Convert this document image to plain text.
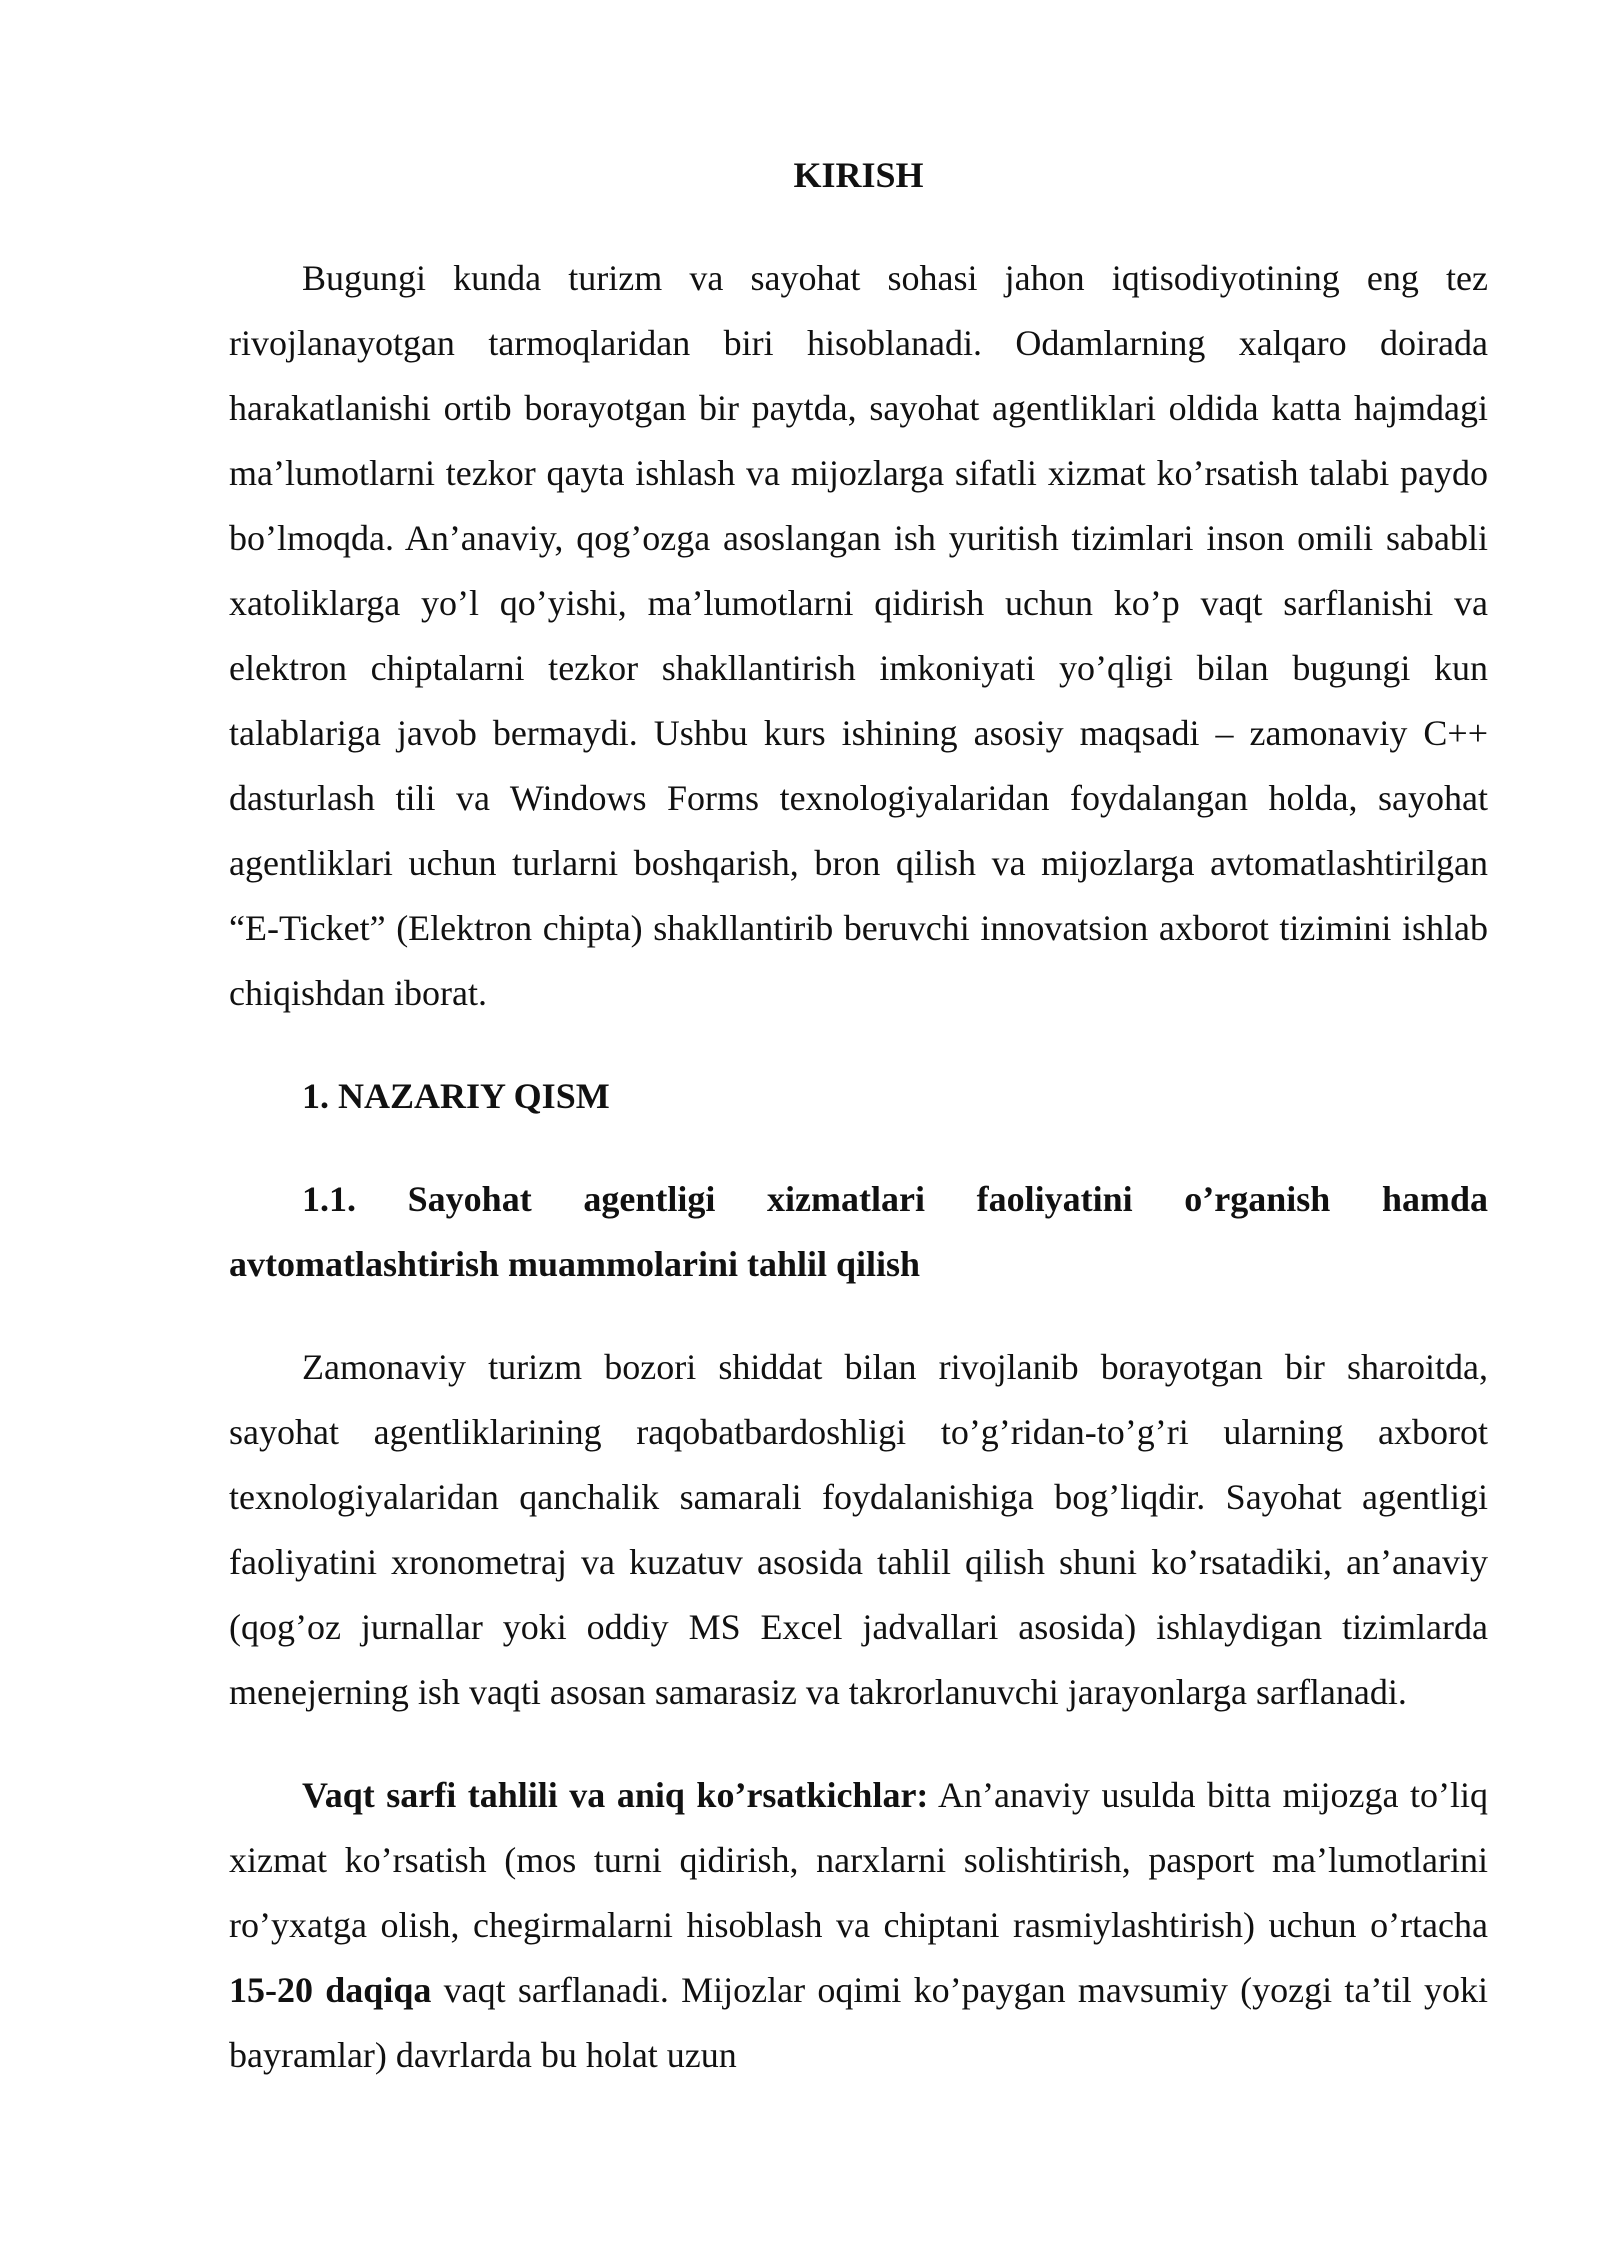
KIRISH

Bugungi kunda turizm va sayohat sohasi jahon iqtisodiyotining eng tez rivojlanayotgan tarmoqlaridan biri hisoblanadi. Odamlarning xalqaro doirada harakatlanishi ortib borayotgan bir paytda, sayohat agentliklari oldida katta hajmdagi ma’lumotlarni tezkor qayta ishlash va mijozlarga sifatli xizmat ko’rsatish talabi paydo bo’lmoqda. An’anaviy, qog’ozga asoslangan ish yuritish tizimlari inson omili sababli xatoliklarga yo’l qo’yishi, ma’lumotlarni qidirish uchun ko’p vaqt sarflanishi va elektron chiptalarni tezkor shakllantirish imkoniyati yo’qligi bilan bugungi kun talablariga javob bermaydi. Ushbu kurs ishining asosiy maqsadi – zamonaviy C++ dasturlash tili va Windows Forms texnologiyalaridan foydalangan holda, sayohat agentliklari uchun turlarni boshqarish, bron qilish va mijozlarga avtomatlashtirilgan “E-Ticket” (Elektron chipta) shakllantirib beruvchi innovatsion axborot tizimini ishlab chiqishdan iborat.

1. NAZARIY QISM
1.1. Sayohat agentligi xizmatlari faoliyatini o’rganish hamda avtomatlashtirish muammolarini tahlil qilish

Zamonaviy turizm bozori shiddat bilan rivojlanib borayotgan bir sharoitda, sayohat agentliklarining raqobatbardoshligi to’g’ridan-to’g’ri ularning axborot texnologiyalaridan qanchalik samarali foydalanishiga bog’liqdir. Sayohat agentligi faoliyatini xronometraj va kuzatuv asosida tahlil qilish shuni ko’rsatadiki, an’anaviy (qog’oz jurnallar yoki oddiy MS Excel jadvallari asosida) ishlaydigan tizimlarda menejerning ish vaqti asosan samarasiz va takrorlanuvchi jarayonlarga sarflanadi.

Vaqt sarfi tahlili va aniq ko’rsatkichlar: An’anaviy usulda bitta mijozga to’liq xizmat ko’rsatish (mos turni qidirish, narxlarni solishtirish, pasport ma’lumotlarini ro’yxatga olish, chegirmalarni hisoblash va chiptani rasmiylashtirish) uchun o’rtacha 15-20 daqiqa vaqt sarflanadi. Mijozlar oqimi ko’paygan mavsumiy (yozgi ta’til yoki bayramlar) davrlarda bu holat uzun
